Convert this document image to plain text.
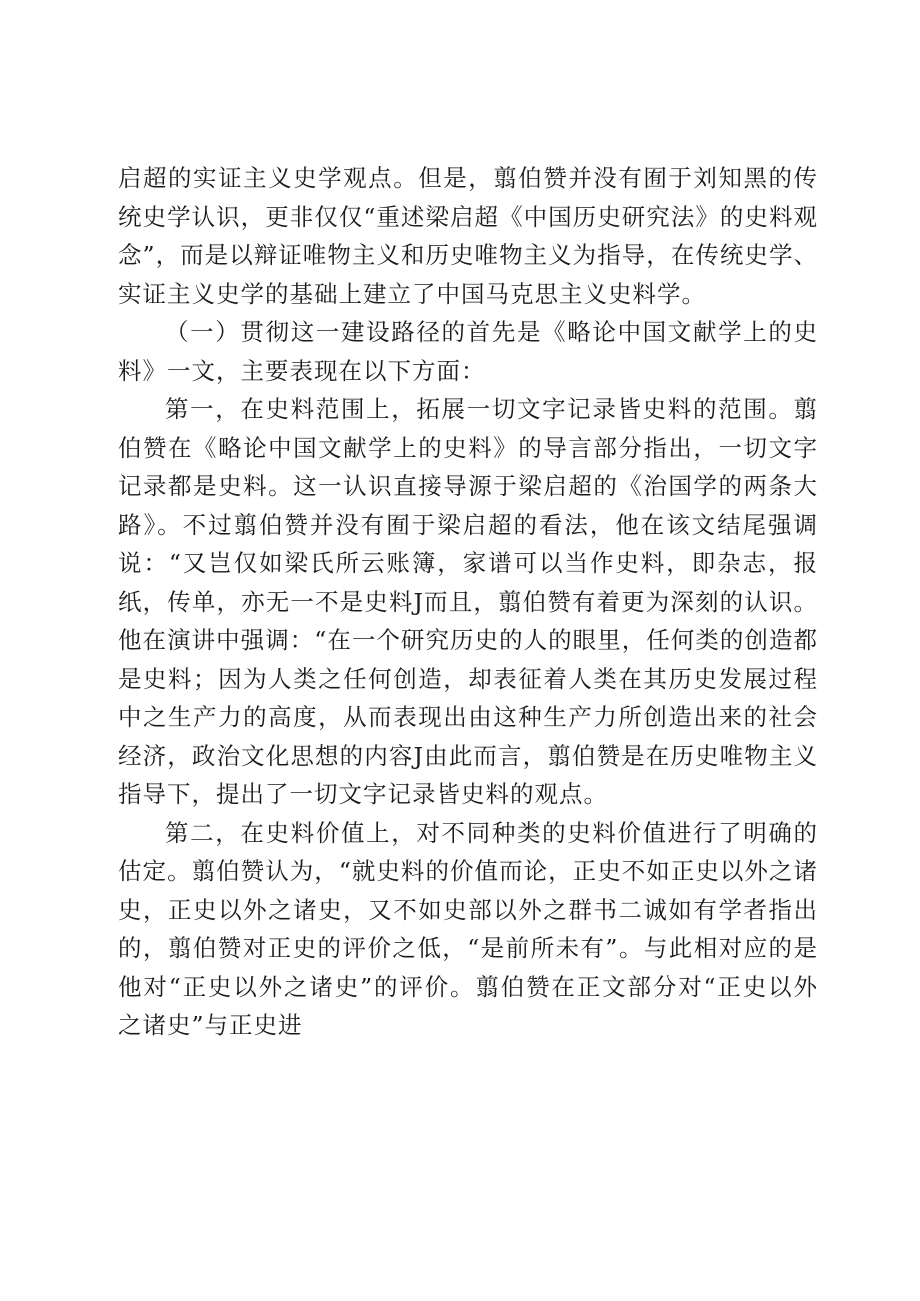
启超的实证主义史学观点。但是，翦伯赞并没有囿于刘知黑的传统史学认识，更非仅仅“重述梁启超《中国历史研究法》的史料观念”，而是以辩证唯物主义和历史唯物主义为指导，在传统史学、实证主义史学的基础上建立了中国马克思主义史料学。

（一）贯彻这一建设路径的首先是《略论中国文献学上的史料》一文，主要表现在以下方面：

第一，在史料范围上，拓展一切文字记录皆史料的范围。翦伯赞在《略论中国文献学上的史料》的导言部分指出，一切文字记录都是史料。这一认识直接导源于梁启超的《治国学的两条大路》。不过翦伯赞并没有囿于梁启超的看法，他在该文结尾强调说：“又岂仅如梁氏所云账簿，家谱可以当作史料，即杂志，报纸，传单，亦无一不是史料J而且，翦伯赞有着更为深刻的认识。他在演讲中强调：“在一个研究历史的人的眼里，任何类的创造都是史料；因为人类之任何创造，却表征着人类在其历史发展过程中之生产力的高度，从而表现出由这种生产力所创造出来的社会经济，政治文化思想的内容J由此而言，翦伯赞是在历史唯物主义指导下，提出了一切文字记录皆史料的观点。

第二，在史料价值上，对不同种类的史料价值进行了明确的估定。翦伯赞认为，“就史料的价值而论，正史不如正史以外之诸史，正史以外之诸史，又不如史部以外之群书二诚如有学者指出的，翦伯赞对正史的评价之低，“是前所未有”。与此相对应的是他对“正史以外之诸史”的评价。翦伯赞在正文部分对“正史以外之诸史”与正史进
